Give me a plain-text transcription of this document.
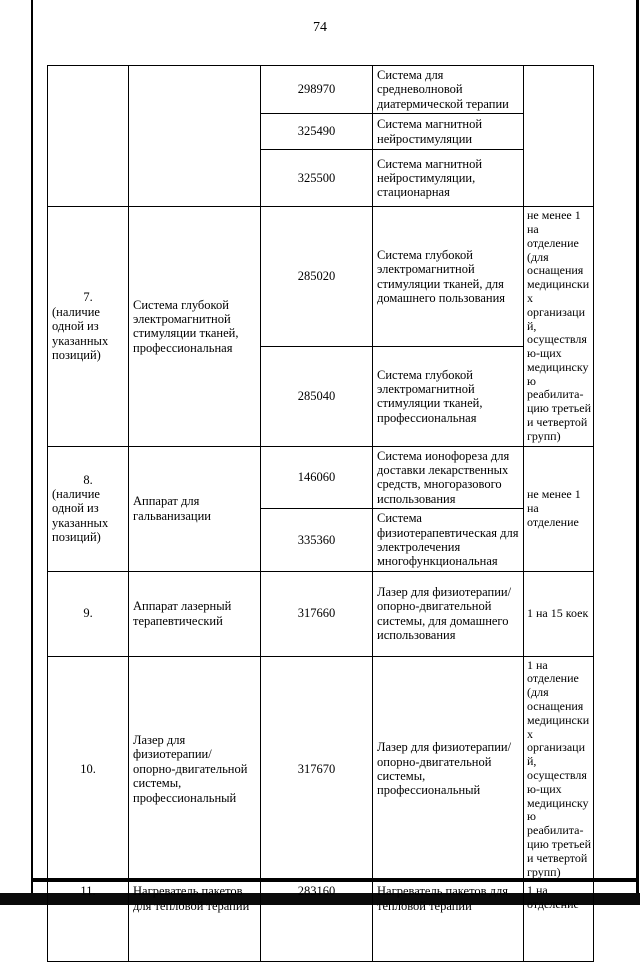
74
		298970	Система для средневолновой диатермической терапии	
		325490	Система магнитной нейростимуляции	
		325500	Система магнитной нейростимуляции, стационарная	

7.
(наличие одной из указанных позиций)	Система глубокой электромагнитной стимуляции тканей, профессиональная	285020	Система глубокой электромагнитной стимуляции тканей, для домашнего пользования	не менее 1 на отделение (для оснащения медицинских организаций, осуществляю-щих медицинскую реабилита-цию третьей и четвертой групп)
		285040	Система глубокой электромагнитной стимуляции тканей, профессиональная	

8.
(наличие одной из указанных позиций)	Аппарат для гальванизации	146060	Система ионофореза для доставки лекарственных средств, многоразового использования	не менее 1 на отделение
		335360	Система физиотерапевтическая для электролечения многофункциональная	

9.	Аппарат лазерный терапевтический	317660	Лазер для физиотерапии/опорно-двигательной системы, для домашнего использования	1 на 15 коек

10.	Лазер для физиотерапии/ опорно-двигательной системы, профессиональный	317670	Лазер для физиотерапии/опорно-двигательной системы, профессиональный	1 на отделение (для оснащения медицинских организаций, осуществляю-щих медицинскую реабилита-цию третьей и четвертой групп)

11.	Нагреватель пакетов для тепловой терапии	283160	Нагреватель пакетов для тепловой терапии	1 на отделение
